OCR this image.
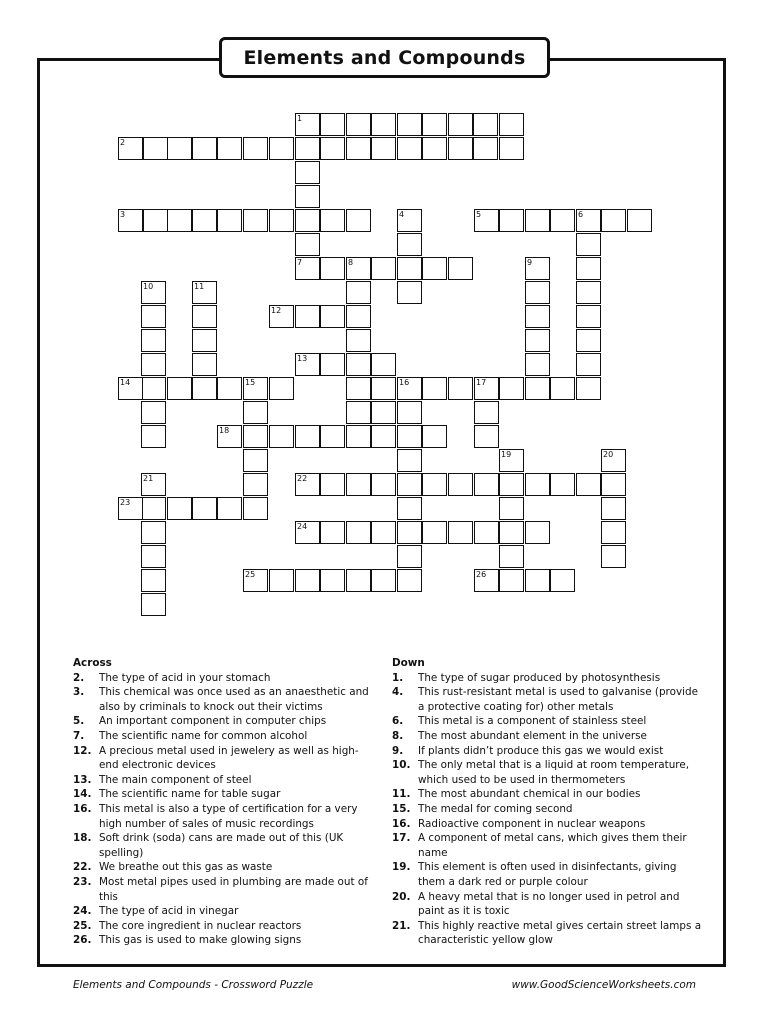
Elements and Compounds
1
2
3	4	5	6
7	8	9
10	11
12
13
14	15	16	17
18
19	20
21	22
23
24
25	26
Across
2.	The type of acid in your stomach
3.	This chemical was once used as an anaesthetic and also by criminals to knock out their victims
5.	An important component in computer chips
7.	The scientific name for common alcohol
12. A precious metal used in jewelery as well as high-end electronic devices
13. The main component of steel
14. The scientific name for table sugar
16. This metal is also a type of certification for a very high number of sales of music recordings
18. Soft drink (soda) cans are made out of this (UK spelling)
22. We breathe out this gas as waste
23. Most metal pipes used in plumbing are made out of this
24. The type of acid in vinegar
25. The core ingredient in nuclear reactors
26. This gas is used to make glowing signs
Down
1.	The type of sugar produced by photosynthesis
4.	This rust-resistant metal is used to galvanise (provide a protective coating for) other metals
6.	This metal is a component of stainless steel
8.	The most abundant element in the universe
9.	If plants didn’t produce this gas we would exist
10. The only metal that is a liquid at room temperature, which used to be used in thermometers
11. The most abundant chemical in our bodies
15. The medal for coming second
16. Radioactive component in nuclear weapons
17. A component of metal cans, which gives them their name
19. This element is often used in disinfectants, giving them a dark red or purple colour
20. A heavy metal that is no longer used in petrol and paint as it is toxic
21. This highly reactive metal gives certain street lamps a characteristic yellow glow
Elements and Compounds - Crossword Puzzle	www.GoodScienceWorksheets.com
